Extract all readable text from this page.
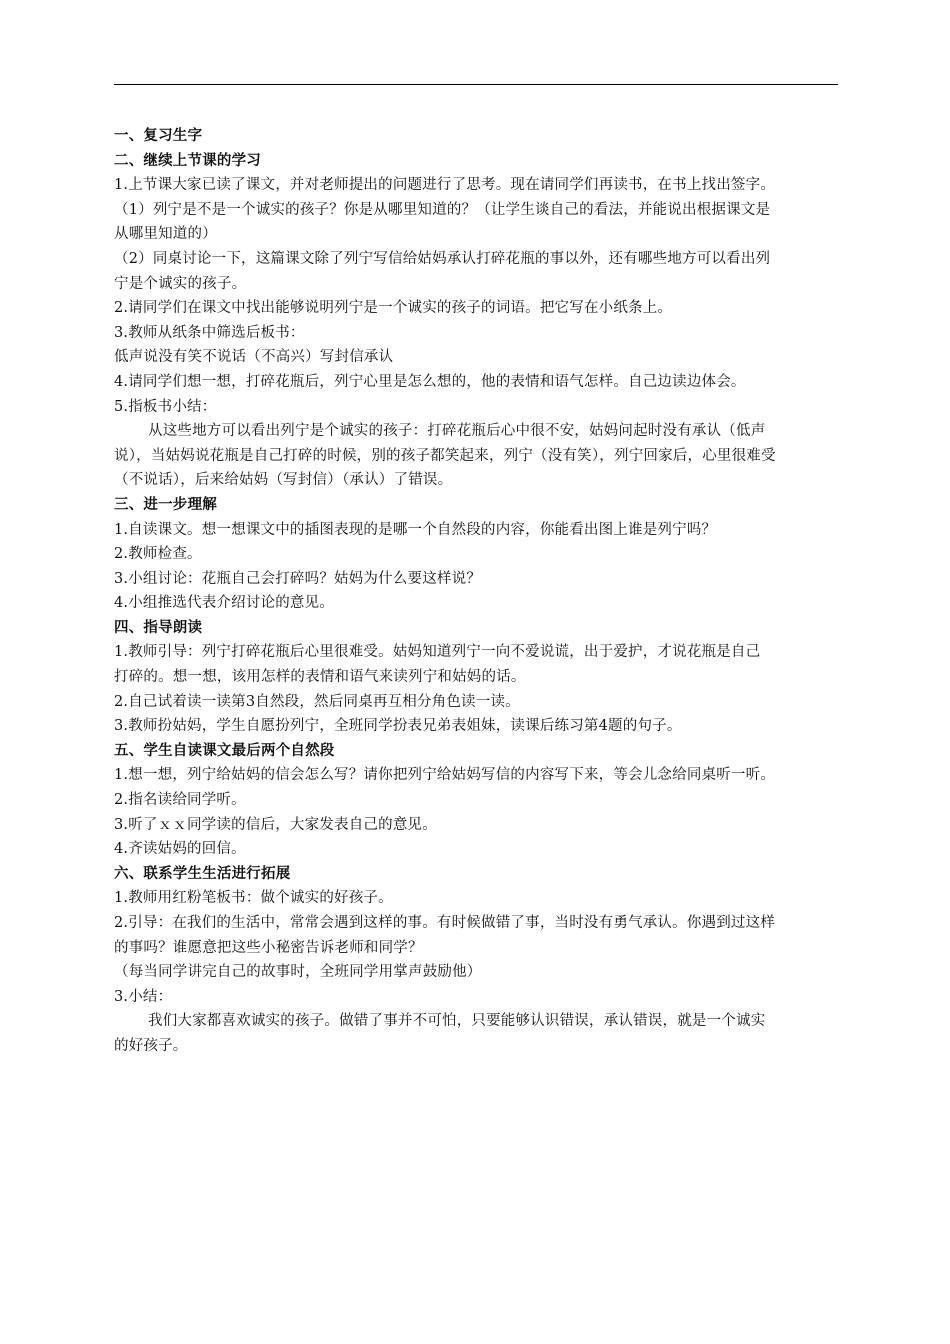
一、复习生字
二、继续上节课的学习
1.上节课大家已读了课文，并对老师提出的问题进行了思考。现在请同学们再读书，在书上找出签字。
（1）列宁是不是一个诚实的孩子？你是从哪里知道的？（让学生谈自己的看法，并能说出根据课文是
从哪里知道的）
（2）同桌讨论一下，这篇课文除了列宁写信给姑妈承认打碎花瓶的事以外，还有哪些地方可以看出列
宁是个诚实的孩子。
2.请同学们在课文中找出能够说明列宁是一个诚实的孩子的词语。把它写在小纸条上。
3.教师从纸条中筛选后板书：
低声说没有笑不说话（不高兴）写封信承认
4.请同学们想一想，打碎花瓶后，列宁心里是怎么想的，他的表情和语气怎样。自己边读边体会。
5.指板书小结：
从这些地方可以看出列宁是个诚实的孩子：打碎花瓶后心中很不安，姑妈问起时没有承认（低声
说），当姑妈说花瓶是自己打碎的时候，别的孩子都笑起来，列宁（没有笑），列宁回家后，心里很难受
（不说话），后来给姑妈（写封信）（承认）了错误。
三、进一步理解
1.自读课文。想一想课文中的插图表现的是哪一个自然段的内容，你能看出图上谁是列宁吗？
2.教师检查。
3.小组讨论：花瓶自己会打碎吗？姑妈为什么要这样说？
4.小组推选代表介绍讨论的意见。
四、指导朗读
1.教师引导：列宁打碎花瓶后心里很难受。姑妈知道列宁一向不爱说谎，出于爱护，才说花瓶是自己
打碎的。想一想，该用怎样的表情和语气来读列宁和姑妈的话。
2.自己试着读一读第3自然段，然后同桌再互相分角色读一读。
3.教师扮姑妈，学生自愿扮列宁，全班同学扮表兄弟表姐妹，读课后练习第4题的句子。
五、学生自读课文最后两个自然段
1.想一想，列宁给姑妈的信会怎么写？请你把列宁给姑妈写信的内容写下来，等会儿念给同桌听一听。
2.指名读给同学听。
3.听了ｘｘ同学读的信后，大家发表自己的意见。
4.齐读姑妈的回信。
六、联系学生生活进行拓展
1.教师用红粉笔板书：做个诚实的好孩子。
2.引导：在我们的生活中，常常会遇到这样的事。有时候做错了事，当时没有勇气承认。你遇到过这样
的事吗？谁愿意把这些小秘密告诉老师和同学？
（每当同学讲完自己的故事时，全班同学用掌声鼓励他）
3.小结：
我们大家都喜欢诚实的孩子。做错了事并不可怕，只要能够认识错误，承认错误，就是一个诚实
的好孩子。
